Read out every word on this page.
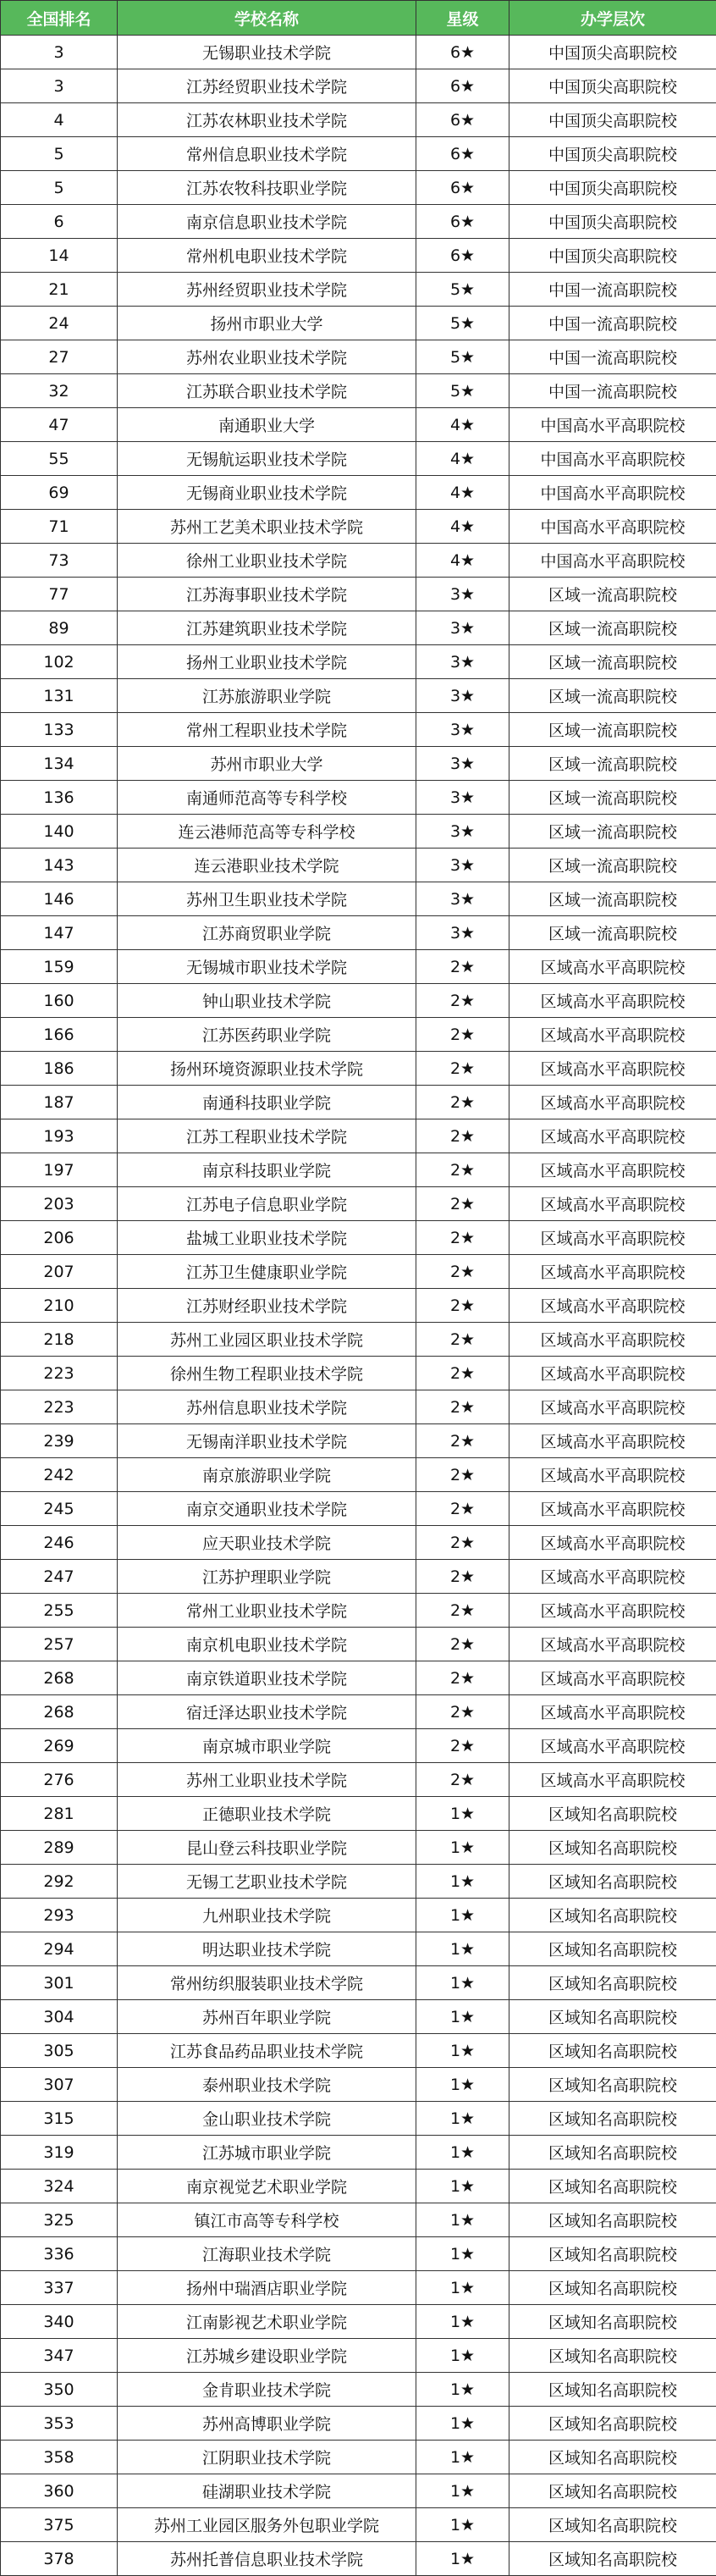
全国排名	学校名称	星级	办学层次
3	无锡职业技术学院	6★	中国顶尖高职院校
3	江苏经贸职业技术学院	6★	中国顶尖高职院校
4	江苏农林职业技术学院	6★	中国顶尖高职院校
5	常州信息职业技术学院	6★	中国顶尖高职院校
5	江苏农牧科技职业学院	6★	中国顶尖高职院校
6	南京信息职业技术学院	6★	中国顶尖高职院校
14	常州机电职业技术学院	6★	中国顶尖高职院校
21	苏州经贸职业技术学院	5★	中国一流高职院校
24	扬州市职业大学	5★	中国一流高职院校
27	苏州农业职业技术学院	5★	中国一流高职院校
32	江苏联合职业技术学院	5★	中国一流高职院校
47	南通职业大学	4★	中国高水平高职院校
55	无锡航运职业技术学院	4★	中国高水平高职院校
69	无锡商业职业技术学院	4★	中国高水平高职院校
71	苏州工艺美术职业技术学院	4★	中国高水平高职院校
73	徐州工业职业技术学院	4★	中国高水平高职院校
77	江苏海事职业技术学院	3★	区域一流高职院校
89	江苏建筑职业技术学院	3★	区域一流高职院校
102	扬州工业职业技术学院	3★	区域一流高职院校
131	江苏旅游职业学院	3★	区域一流高职院校
133	常州工程职业技术学院	3★	区域一流高职院校
134	苏州市职业大学	3★	区域一流高职院校
136	南通师范高等专科学校	3★	区域一流高职院校
140	连云港师范高等专科学校	3★	区域一流高职院校
143	连云港职业技术学院	3★	区域一流高职院校
146	苏州卫生职业技术学院	3★	区域一流高职院校
147	江苏商贸职业学院	3★	区域一流高职院校
159	无锡城市职业技术学院	2★	区域高水平高职院校
160	钟山职业技术学院	2★	区域高水平高职院校
166	江苏医药职业学院	2★	区域高水平高职院校
186	扬州环境资源职业技术学院	2★	区域高水平高职院校
187	南通科技职业学院	2★	区域高水平高职院校
193	江苏工程职业技术学院	2★	区域高水平高职院校
197	南京科技职业学院	2★	区域高水平高职院校
203	江苏电子信息职业学院	2★	区域高水平高职院校
206	盐城工业职业技术学院	2★	区域高水平高职院校
207	江苏卫生健康职业学院	2★	区域高水平高职院校
210	江苏财经职业技术学院	2★	区域高水平高职院校
218	苏州工业园区职业技术学院	2★	区域高水平高职院校
223	徐州生物工程职业技术学院	2★	区域高水平高职院校
223	苏州信息职业技术学院	2★	区域高水平高职院校
239	无锡南洋职业技术学院	2★	区域高水平高职院校
242	南京旅游职业学院	2★	区域高水平高职院校
245	南京交通职业技术学院	2★	区域高水平高职院校
246	应天职业技术学院	2★	区域高水平高职院校
247	江苏护理职业学院	2★	区域高水平高职院校
255	常州工业职业技术学院	2★	区域高水平高职院校
257	南京机电职业技术学院	2★	区域高水平高职院校
268	南京铁道职业技术学院	2★	区域高水平高职院校
268	宿迁泽达职业技术学院	2★	区域高水平高职院校
269	南京城市职业学院	2★	区域高水平高职院校
276	苏州工业职业技术学院	2★	区域高水平高职院校
281	正德职业技术学院	1★	区域知名高职院校
289	昆山登云科技职业学院	1★	区域知名高职院校
292	无锡工艺职业技术学院	1★	区域知名高职院校
293	九州职业技术学院	1★	区域知名高职院校
294	明达职业技术学院	1★	区域知名高职院校
301	常州纺织服装职业技术学院	1★	区域知名高职院校
304	苏州百年职业学院	1★	区域知名高职院校
305	江苏食品药品职业技术学院	1★	区域知名高职院校
307	泰州职业技术学院	1★	区域知名高职院校
315	金山职业技术学院	1★	区域知名高职院校
319	江苏城市职业学院	1★	区域知名高职院校
324	南京视觉艺术职业学院	1★	区域知名高职院校
325	镇江市高等专科学校	1★	区域知名高职院校
336	江海职业技术学院	1★	区域知名高职院校
337	扬州中瑞酒店职业学院	1★	区域知名高职院校
340	江南影视艺术职业学院	1★	区域知名高职院校
347	江苏城乡建设职业学院	1★	区域知名高职院校
350	金肯职业技术学院	1★	区域知名高职院校
353	苏州高博职业学院	1★	区域知名高职院校
358	江阴职业技术学院	1★	区域知名高职院校
360	硅湖职业技术学院	1★	区域知名高职院校
375	苏州工业园区服务外包职业学院	1★	区域知名高职院校
378	苏州托普信息职业技术学院	1★	区域知名高职院校
